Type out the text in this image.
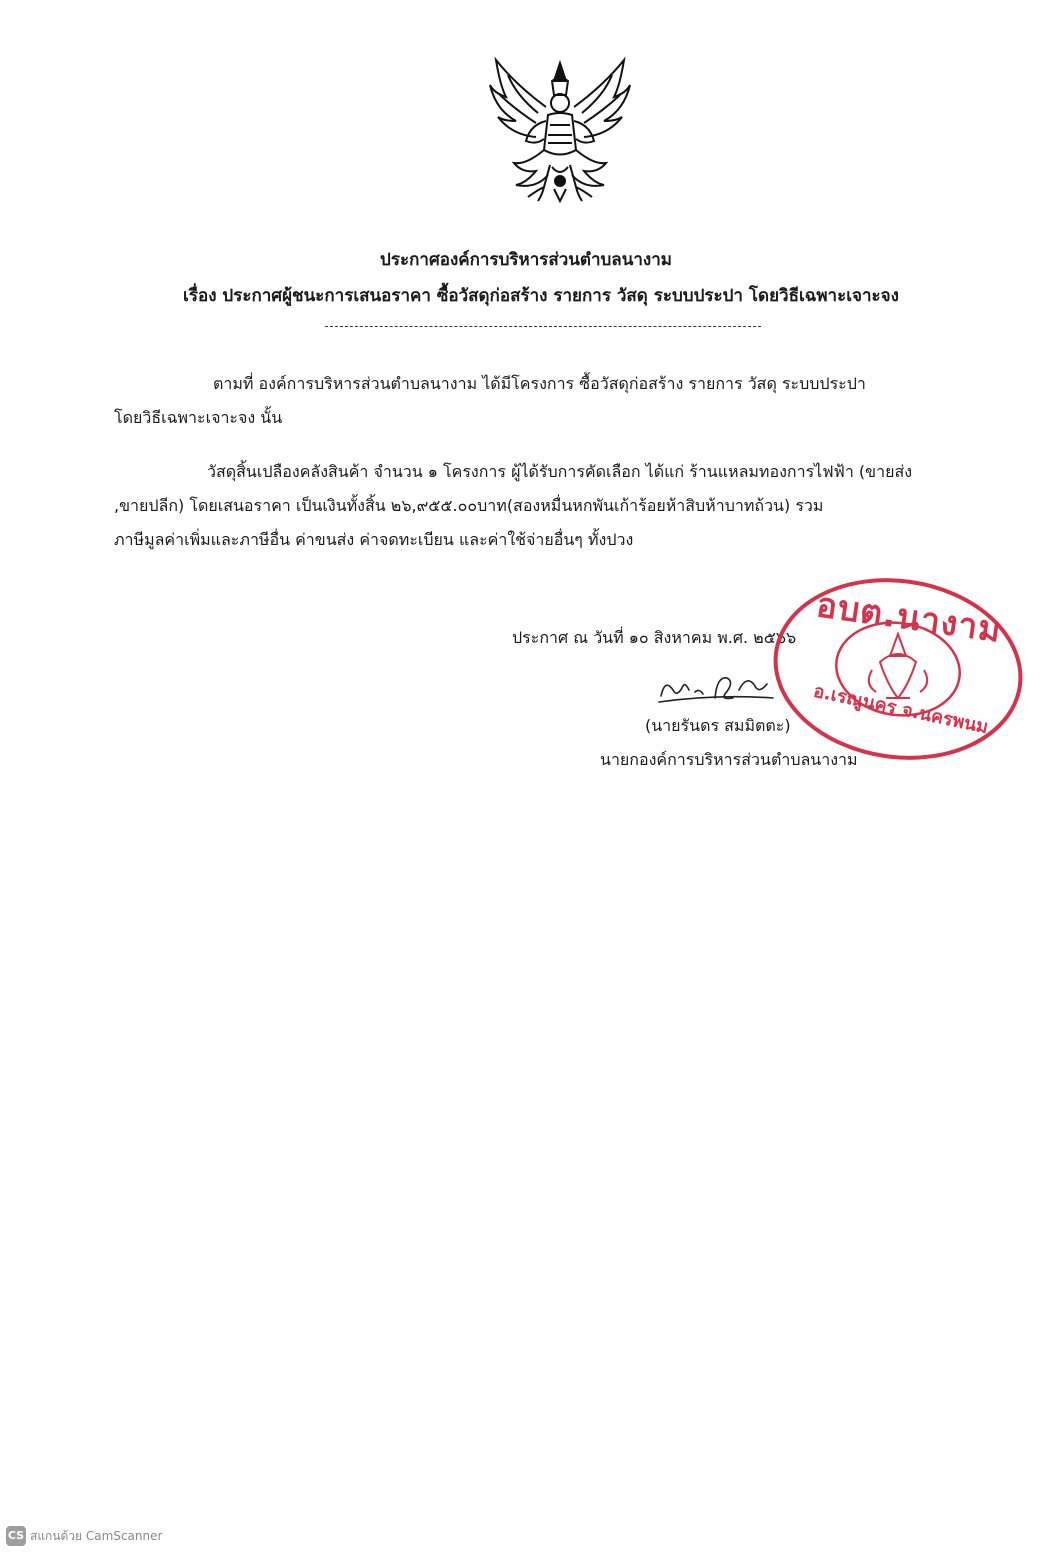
ประกาศองค์การบริหารส่วนตำบลนางาม
เรื่อง ประกาศผู้ชนะการเสนอราคา ซื้อวัสดุก่อสร้าง รายการ วัสดุ ระบบประปา โดยวิธีเฉพาะเจาะจง
ตามที่ องค์การบริหารส่วนตำบลนางาม ได้มีโครงการ ซื้อวัสดุก่อสร้าง รายการ วัสดุ ระบบประปา
โดยวิธีเฉพาะเจาะจง นั้น
วัสดุสิ้นเปลืองคลังสินค้า จำนวน ๑ โครงการ ผู้ได้รับการคัดเลือก ได้แก่ ร้านแหลมทองการไฟฟ้า (ขายส่ง
,ขายปลีก) โดยเสนอราคา เป็นเงินทั้งสิ้น ๒๖,๙๕๕.๐๐บาท(สองหมื่นหกพันเก้าร้อยห้าสิบห้าบาทถ้วน) รวม
ภาษีมูลค่าเพิ่มและภาษีอื่น ค่าขนส่ง ค่าจดทะเบียน และค่าใช้จ่ายอื่นๆ ทั้งปวง
ประกาศ ณ วันที่ ๑๐ สิงหาคม พ.ศ. ๒๕๖๖
(นายรันดร สมมิตตะ)
นายกองค์การบริหารส่วนตำบลนางาม
อบต.นางาม
อ.เรณูนคร จ.นครพนม
CS สแกนด้วย CamScanner
